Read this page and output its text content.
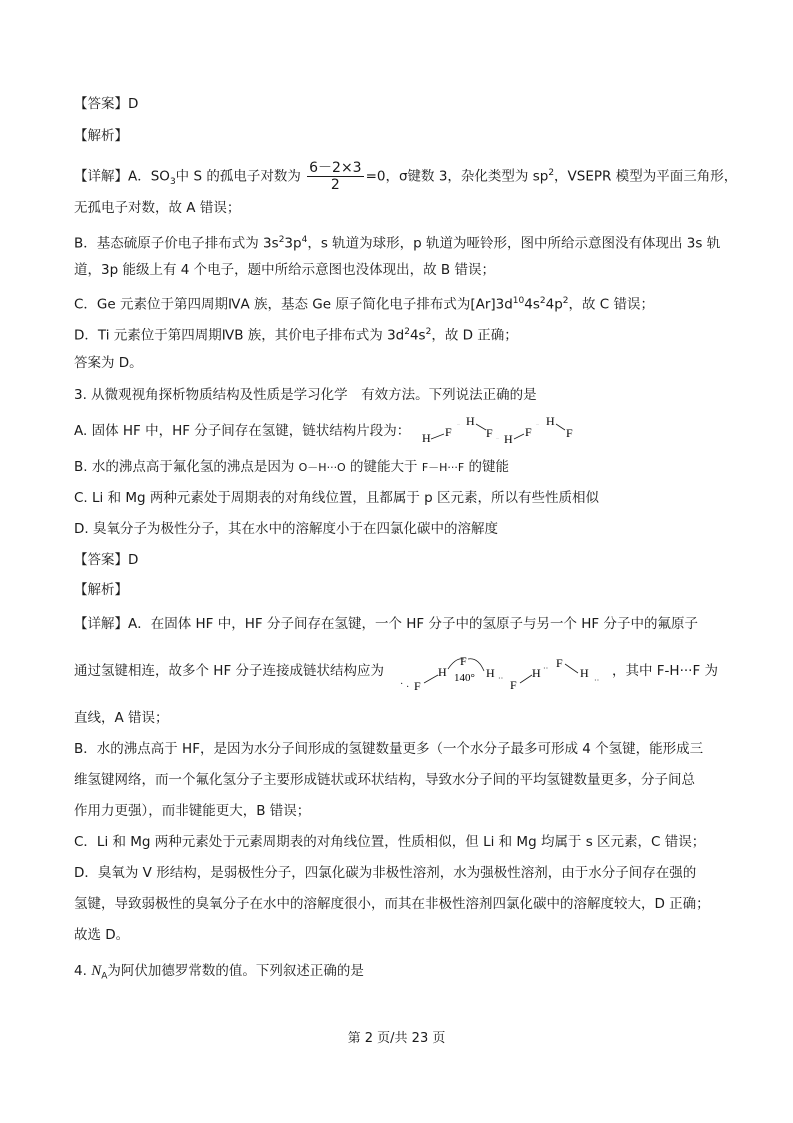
【答案】D
【解析】
【详解】A．$SO_3$中 S 的孤电子对数为 $\frac{6-2\times 3}{2} =0$，σ键数 3，杂化类型为 $sp^2$，VSEPR 模型为平面三角形，
无孤电子对数，故 A 错误；
B．基态硫原子价电子排布式为 $3s^23p^4$，s 轨道为球形，p 轨道为哑铃形，图中所给示意图没有体现出 3s 轨
道，3p 能级上有 4 个电子，题中所给示意图也没体现出，故 B 错误；
C．Ge 元素位于第四周期ⅣA 族，基态 Ge 原子简化电子排布式为$[Ar]3d^{10}4s^24p^2$，故 C 错误；
D．Ti 元素位于第四周期ⅣB 族，其价电子排布式为 $3d^24s^2$，故 D 正确；
答案为 D。
3. 从微观视角探析物质结构及性质是学习化学　有效方法。下列说法正确的是
A. 固体 HF 中，HF 分子间存在氢键，链状结构片段为： H F ··· H
F ··· H F ··· H
F
B. 水的沸点高于氟化氢的沸点是因为 O－H···O 的键能大于 F－H···F 的键能
C. Li 和 Mg 两种元素处于周期表的对角线位置，且都属于 p 区元素，所以有些性质相似
D. 臭氧分子为极性分子，其在水中的溶解度小于在四氯化碳中的溶解度
【答案】D
【解析】
【详解】A．在固体 HF 中，HF 分子间存在氢键，一个 HF 分子中的氢原子与另一个 HF 分子中的氟原子
通过氢键相连，故多个 HF 分子连接成链状结构应为
· · F
H
F
140° H ·· F
H ·· F
H
··
，其中 F-H···F 为
直线，A 错误；
B．水的沸点高于 HF，是因为水分子间形成的氢键数量更多（一个水分子最多可形成 4 个氢键，能形成三
维氢键网络，而一个氟化氢分子主要形成链状或环状结构，导致水分子间的平均氢键数量更多，分子间总
作用力更强），而非键能更大，B 错误；
C．Li 和 Mg 两种元素处于元素周期表的对角线位置，性质相似，但 Li 和 Mg 均属于 s 区元素，C 错误；
D．臭氧为 V 形结构，是弱极性分子，四氯化碳为非极性溶剂，水为强极性溶剂，由于水分子间存在强的
氢键，导致弱极性的臭氧分子在水中的溶解度很小，而其在非极性溶剂四氯化碳中的溶解度较大，D 正确；
故选 D。
4. $N_A$为阿伏加德罗常数的值。下列叙述正确的是
第 2 页/共 23 页
